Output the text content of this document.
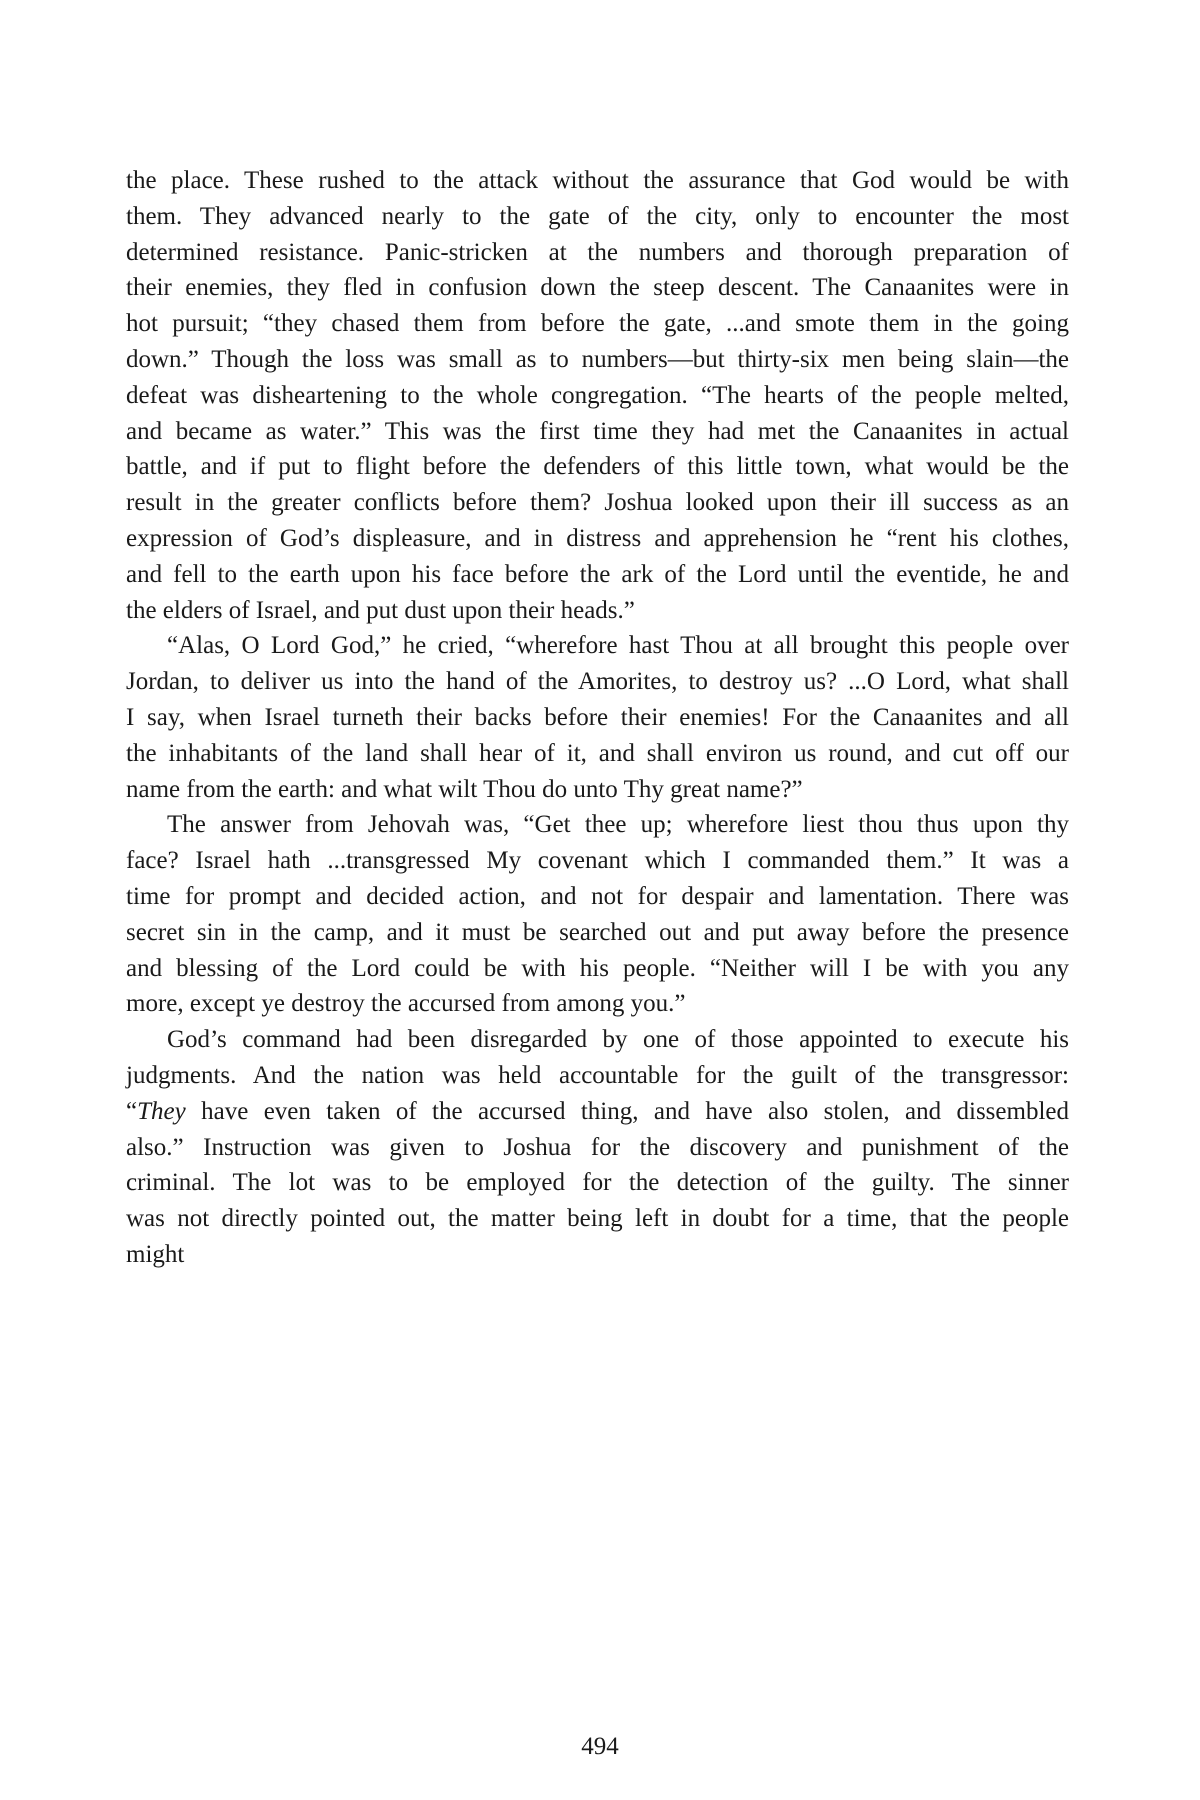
the place. These rushed to the attack without the assurance that God would be with
them. They advanced nearly to the gate of the city, only to encounter the most
determined resistance. Panic-stricken at the numbers and thorough preparation of
their enemies, they fled in confusion down the steep descent. The Canaanites were in
hot pursuit; “they chased them from before the gate, ...and smote them in the going
down.” Though the loss was small as to numbers—but thirty-six men being slain—the
defeat was disheartening to the whole congregation. “The hearts of the people melted,
and became as water.” This was the first time they had met the Canaanites in actual
battle, and if put to flight before the defenders of this little town, what would be the
result in the greater conflicts before them? Joshua looked upon their ill success as an
expression of God’s displeasure, and in distress and apprehension he “rent his clothes,
and fell to the earth upon his face before the ark of the Lord until the eventide, he and
the elders of Israel, and put dust upon their heads.”
“Alas, O Lord God,” he cried, “wherefore hast Thou at all brought this people over
Jordan, to deliver us into the hand of the Amorites, to destroy us? ...O Lord, what shall
I say, when Israel turneth their backs before their enemies! For the Canaanites and all
the inhabitants of the land shall hear of it, and shall environ us round, and cut off our
name from the earth: and what wilt Thou do unto Thy great name?”
The answer from Jehovah was, “Get thee up; wherefore liest thou thus upon thy
face? Israel hath ...transgressed My covenant which I commanded them.” It was a
time for prompt and decided action, and not for despair and lamentation. There was
secret sin in the camp, and it must be searched out and put away before the presence
and blessing of the Lord could be with his people. “Neither will I be with you any
more, except ye destroy the accursed from among you.”
God’s command had been disregarded by one of those appointed to execute his
judgments. And the nation was held accountable for the guilt of the transgressor:
“They have even taken of the accursed thing, and have also stolen, and dissembled
also.” Instruction was given to Joshua for the discovery and punishment of the
criminal. The lot was to be employed for the detection of the guilty. The sinner
was not directly pointed out, the matter being left in doubt for a time, that the people
might
494
